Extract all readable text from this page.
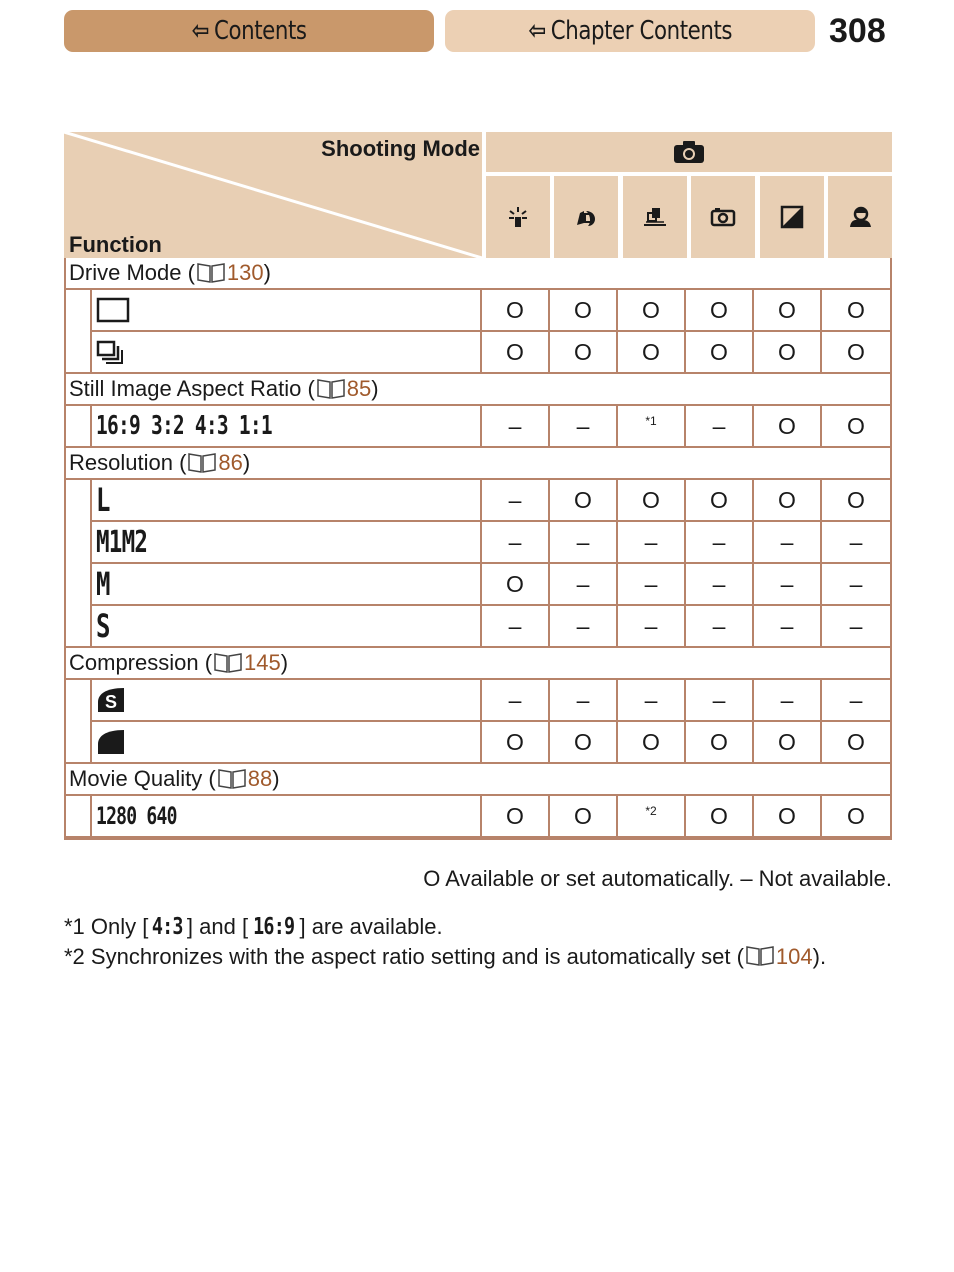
⇦ Contents	⇦ Chapter Contents	308
Shooting Mode
Function
Drive Mode ( 130 )
O	O	O	O	O	O
O	O	O	O	O	O
Still Image Aspect Ratio ( 85 )
16:9 3:2 4:3 1:1	–	–	*1	–	O	O
Resolution ( 86 )
L	–	O	O	O	O	O
M1M2	–	–	–	–	–	–
M	O	–	–	–	–	–
S	–	–	–	–	–	–
Compression ( 145 )
S	–	–	–	–	–	–
O	O	O	O	O	O
Movie Quality ( 88 )
1280 640	O	O	*2	O	O	O
O Available or set automatically. – Not available.
*1 Only [ 4:3 ] and [ 16:9 ] are available.
*2 Synchronizes with the aspect ratio setting and is automatically set ( 104).
